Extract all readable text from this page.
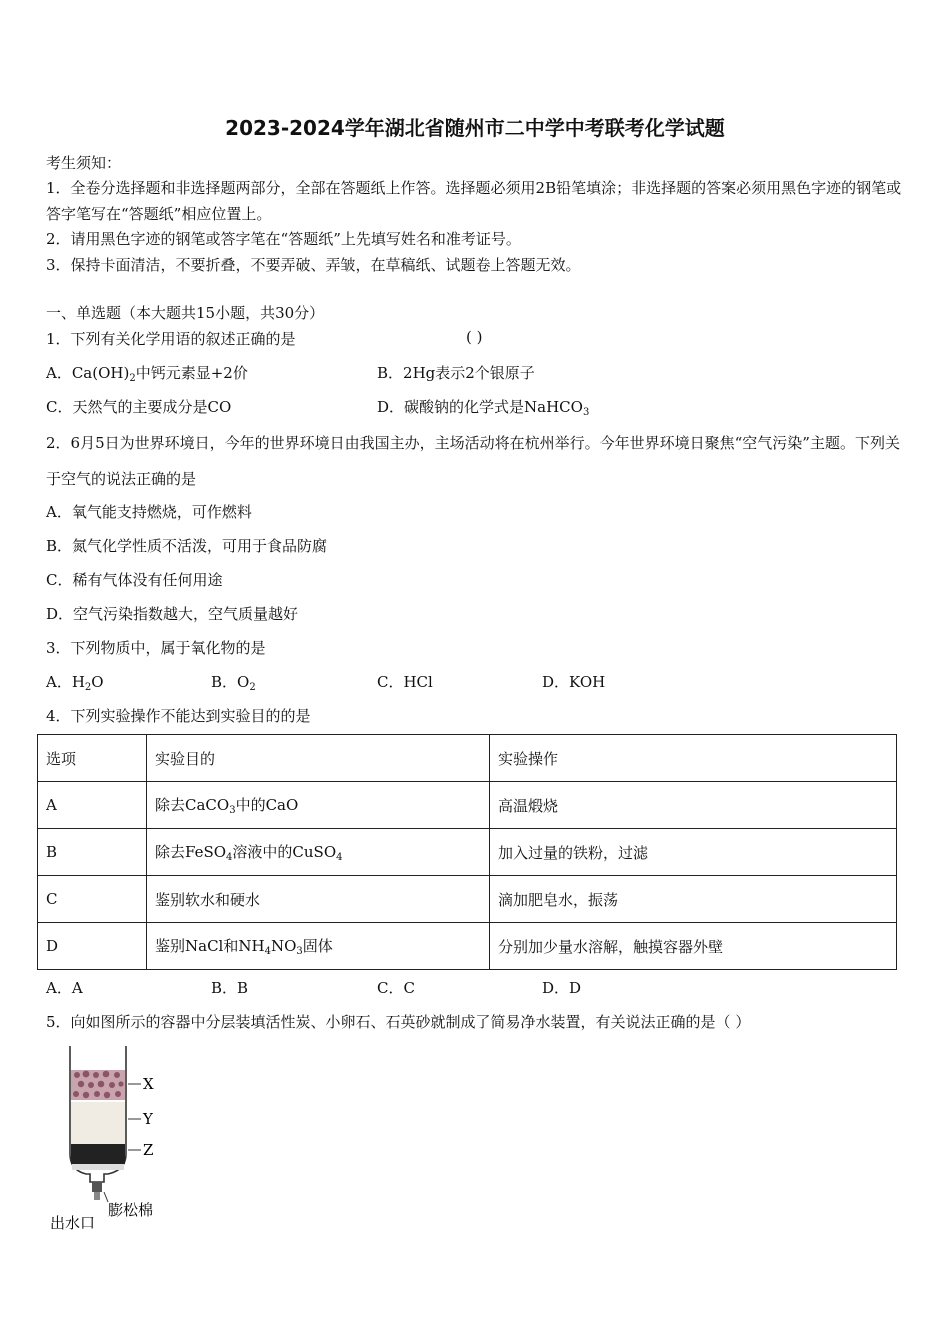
2023-2024学年湖北省随州市二中学中考联考化学试题
考生须知：
1．全卷分选择题和非选择题两部分，全部在答题纸上作答。选择题必须用2B铅笔填涂；非选择题的答案必须用黑色字迹的钢笔或答字笔写在“答题纸”相应位置上。
2．请用黑色字迹的钢笔或答字笔在“答题纸”上先填写姓名和准考证号。
3．保持卡面清洁，不要折叠，不要弄破、弄皱，在草稿纸、试题卷上答题无效。
一、单选题（本大题共15小题，共30分）
1．下列有关化学用语的叙述正确的是	( )
A．$Ca(OH)_2$中钙元素显+2价	B．2Hg表示2个银原子
C．天然气的主要成分是CO	D．碳酸钠的化学式是NaHCO$_3$
2．6月5日为世界环境日，今年的世界环境日由我国主办，主场活动将在杭州举行。今年世界环境日聚焦“空气污染”主题。下列关于空气的说法正确的是
A．氧气能支持燃烧，可作燃料
B．氮气化学性质不活泼，可用于食品防腐
C．稀有气体没有任何用途
D．空气污染指数越大，空气质量越好
3．下列物质中，属于氧化物的是
A．$H_2O$	B．$O_2$	C．HCl	D．KOH
4．下列实验操作不能达到实验目的的是
选项	实验目的	实验操作
A	除去CaCO$_3$中的CaO	高温煅烧
B	除去FeSO$_4$溶液中的CuSO$_4$	加入过量的铁粉，过滤
C	鉴别软水和硬水	滴加肥皂水，振荡
D	鉴别NaCl和$NH_4NO_3$固体	分别加少量水溶解，触摸容器外壁
A．A	B．B	C．C	D．D
5．向如图所示的容器中分层装填活性炭、小卵石、石英砂就制成了简易净水装置，有关说法正确的是（ ）
X
Y
Z
膨松棉
出水口
